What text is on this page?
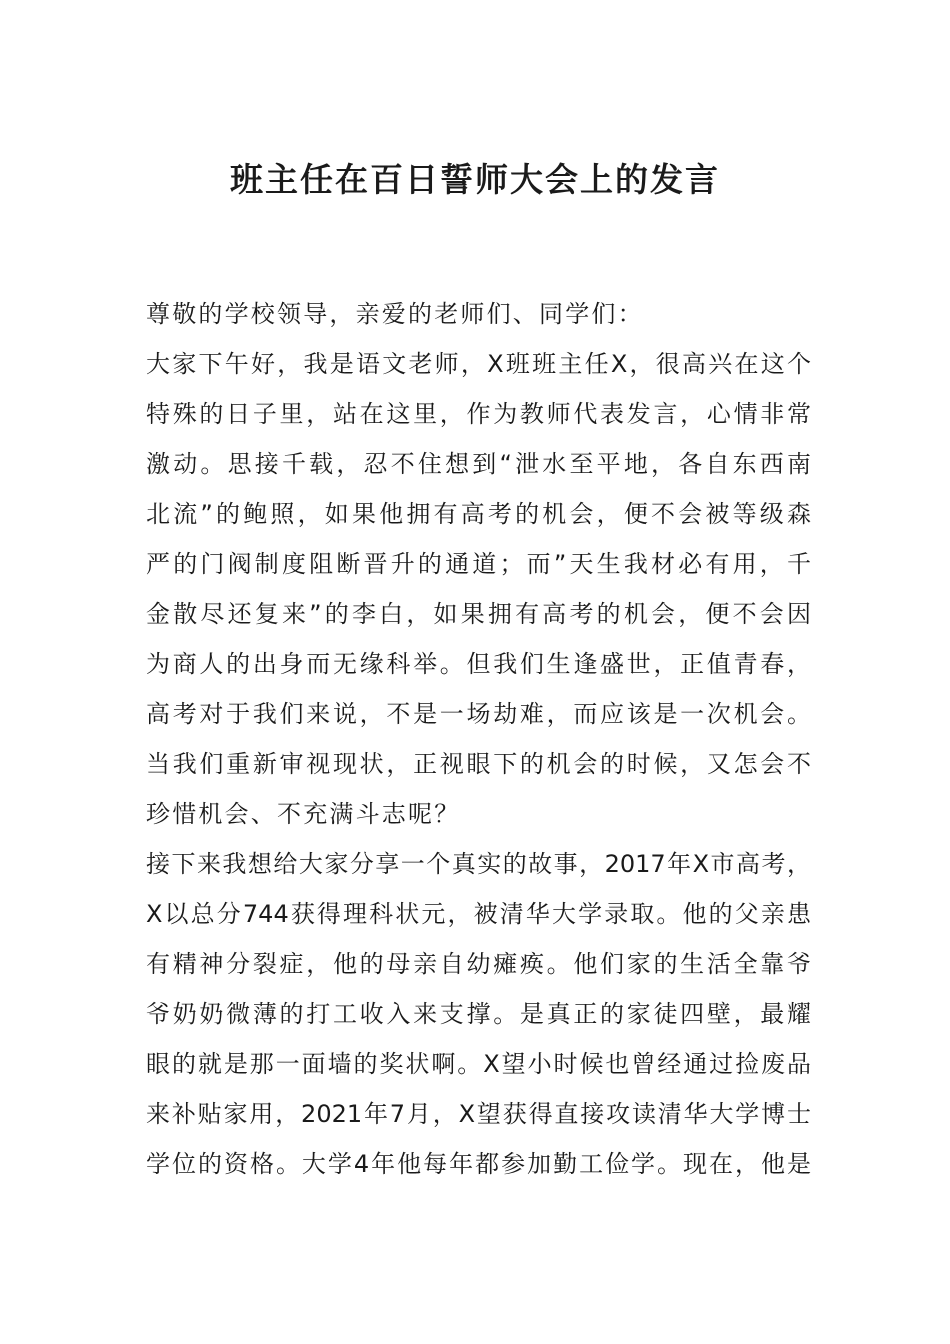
班主任在百日誓师大会上的发言
尊敬的学校领导，亲爱的老师们、同学们：
大家下午好，我是语文老师，X班班主任X，很高兴在这个
特殊的日子里，站在这里，作为教师代表发言，心情非常
激动。思接千载，忍不住想到“泄水至平地，各自东西南
北流”的鲍照，如果他拥有高考的机会，便不会被等级森
严的门阀制度阻断晋升的通道；而”天生我材必有用，千
金散尽还复来”的李白，如果拥有高考的机会，便不会因
为商人的出身而无缘科举。但我们生逢盛世，正值青春，
高考对于我们来说，不是一场劫难，而应该是一次机会。
当我们重新审视现状，正视眼下的机会的时候，又怎会不
珍惜机会、不充满斗志呢？
接下来我想给大家分享一个真实的故事，2017年X市高考，
X以总分744获得理科状元，被清华大学录取。他的父亲患
有精神分裂症，他的母亲自幼瘫痪。他们家的生活全靠爷
爷奶奶微薄的打工收入来支撑。是真正的家徒四壁，最耀
眼的就是那一面墙的奖状啊。X望小时候也曾经通过捡废品
来补贴家用，2021年7月，X望获得直接攻读清华大学博士
学位的资格。大学4年他每年都参加勤工俭学。现在，他是
